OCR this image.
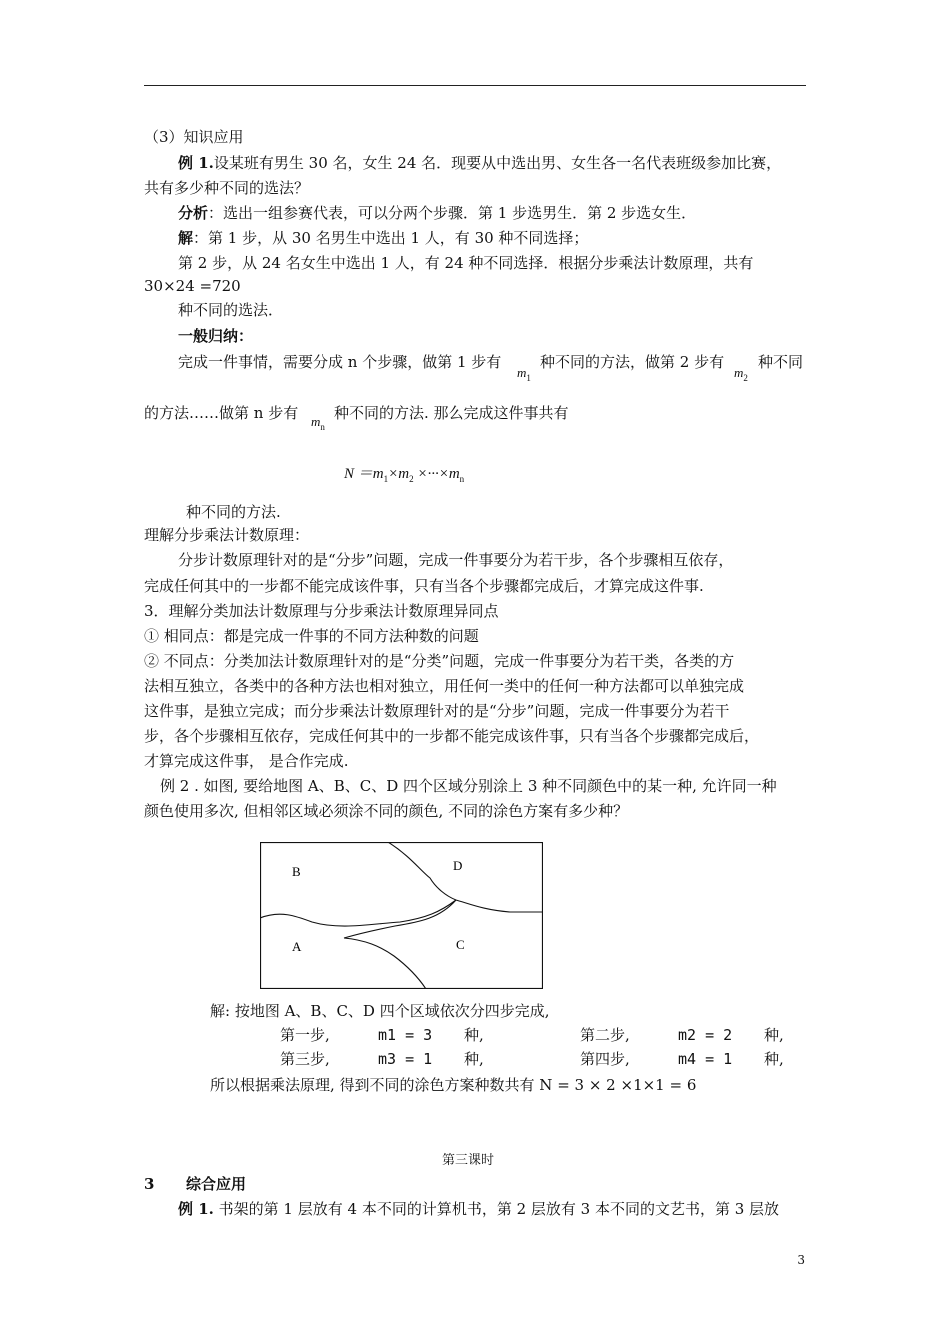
（3）知识应用
例 1.设某班有男生 30 名，女生 24 名．现要从中选出男、女生各一名代表班级参加比赛，
共有多少种不同的选法？
分析：选出一组参赛代表，可以分两个步骤．第 1 步选男生．第 2 步选女生．
解：第 1 步，从 30 名男生中选出 1 人，有 30 种不同选择；
第 2 步，从 24 名女生中选出 1 人，有 24 种不同选择．根据分步乘法计数原理，共有
30×24 =720
种不同的选法．
一般归纳：
完成一件事情，需要分成 n 个步骤，做第 1 步有
$m_1$
种不同的方法，做第 2 步有
$m_2$
种不同
的方法……做第 n 步有 $m_n$
种不同的方法. 那么完成这件事共有
$N =m_1\times m_2 \times\cdot\cdot\cdot\times m_n$
种不同的方法.
理解分步乘法计数原理：
分步计数原理针对的是“分步”问题，完成一件事要分为若干步，各个步骤相互依存，
完成任何其中的一步都不能完成该件事，只有当各个步骤都完成后，才算完成这件事.
3．理解分类加法计数原理与分步乘法计数原理异同点
① 相同点：都是完成一件事的不同方法种数的问题
② 不同点：分类加法计数原理针对的是“分类”问题，完成一件事要分为若干类，各类的方
法相互独立，各类中的各种方法也相对独立，用任何一类中的任何一种方法都可以单独完成
这件事，是独立完成；而分步乘法计数原理针对的是“分步”问题，完成一件事要分为若干
步，各个步骤相互依存，完成任何其中的一步都不能完成该件事，只有当各个步骤都完成后，
才算完成这件事， 是合作完成.
例 2 . 如图, 要给地图 A、B、C、D 四个区域分别涂上 3 种不同颜色中的某一种, 允许同一种
颜色使用多次, 但相邻区域必须涂不同的颜色, 不同的涂色方案有多少种？
B	D
A	C
解: 按地图 A、B、C、D 四个区域依次分四步完成,
第一步,	m1 = 3 种,	第二步,	m2 = 2 种,
第三步,	m3 = 1 种,	第四步,	m4 = 1 种,
所以根据乘法原理, 得到不同的涂色方案种数共有 N = 3 × 2 ×1×1 = 6
第三课时
3 综合应用
例 1. 书架的第 1 层放有 4 本不同的计算机书，第 2 层放有 3 本不同的文艺书，第 3 层放
3
